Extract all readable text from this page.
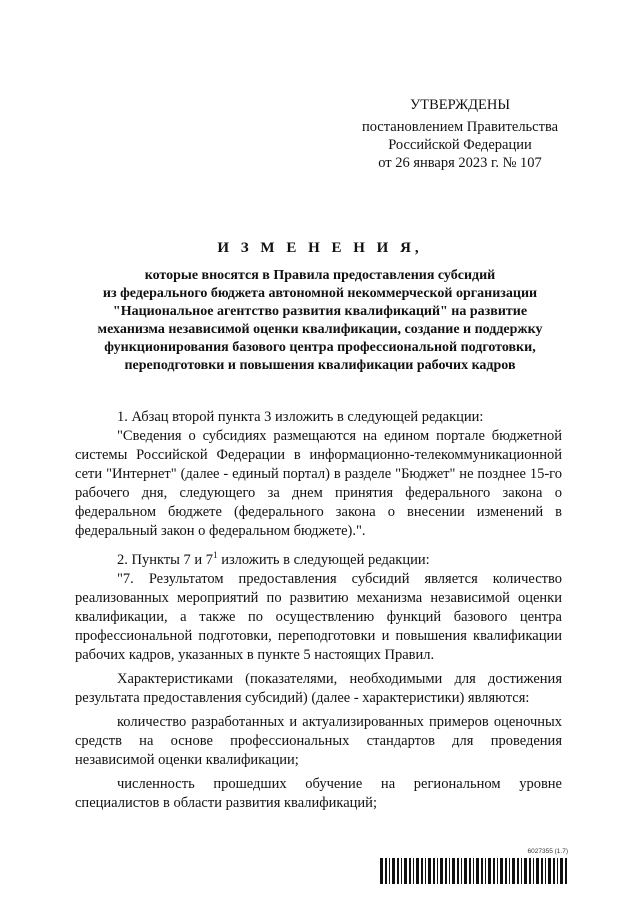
УТВЕРЖДЕНЫ
постановлением Правительства
Российской Федерации
от 26 января 2023 г. № 107
И З М Е Н Е Н И Я,
которые вносятся в Правила предоставления субсидий
из федерального бюджета автономной некоммерческой организации
"Национальное агентство развития квалификаций" на развитие
механизма независимой оценки квалификации, создание и поддержку
функционирования базового центра профессиональной подготовки,
переподготовки и повышения квалификации рабочих кадров

1. Абзац второй пункта 3 изложить в следующей редакции:

"Сведения о субсидиях размещаются на едином портале бюджетной системы Российской Федерации в информационно-телекоммуникационной сети "Интернет" (далее - единый портал) в разделе "Бюджет" не позднее 15-го рабочего дня, следующего за днем принятия федерального закона о федеральном бюджете (федерального закона о внесении изменений в федеральный закон о федеральном бюджете).".

2. Пункты 7 и $7^1$ изложить в следующей редакции:

"7. Результатом предоставления субсидий является количество реализованных мероприятий по развитию механизма независимой оценки квалификации, а также по осуществлению функций базового центра профессиональной подготовки, переподготовки и повышения квалификации рабочих кадров, указанных в пункте 5 настоящих Правил.

Характеристиками (показателями, необходимыми для достижения результата предоставления субсидий) (далее - характеристики) являются:

количество разработанных и актуализированных примеров оценочных средств на основе профессиональных стандартов для проведения независимой оценки квалификации;

численность прошедших обучение на региональном уровне специалистов в области развития квалификаций;

6027355 (1.7)
